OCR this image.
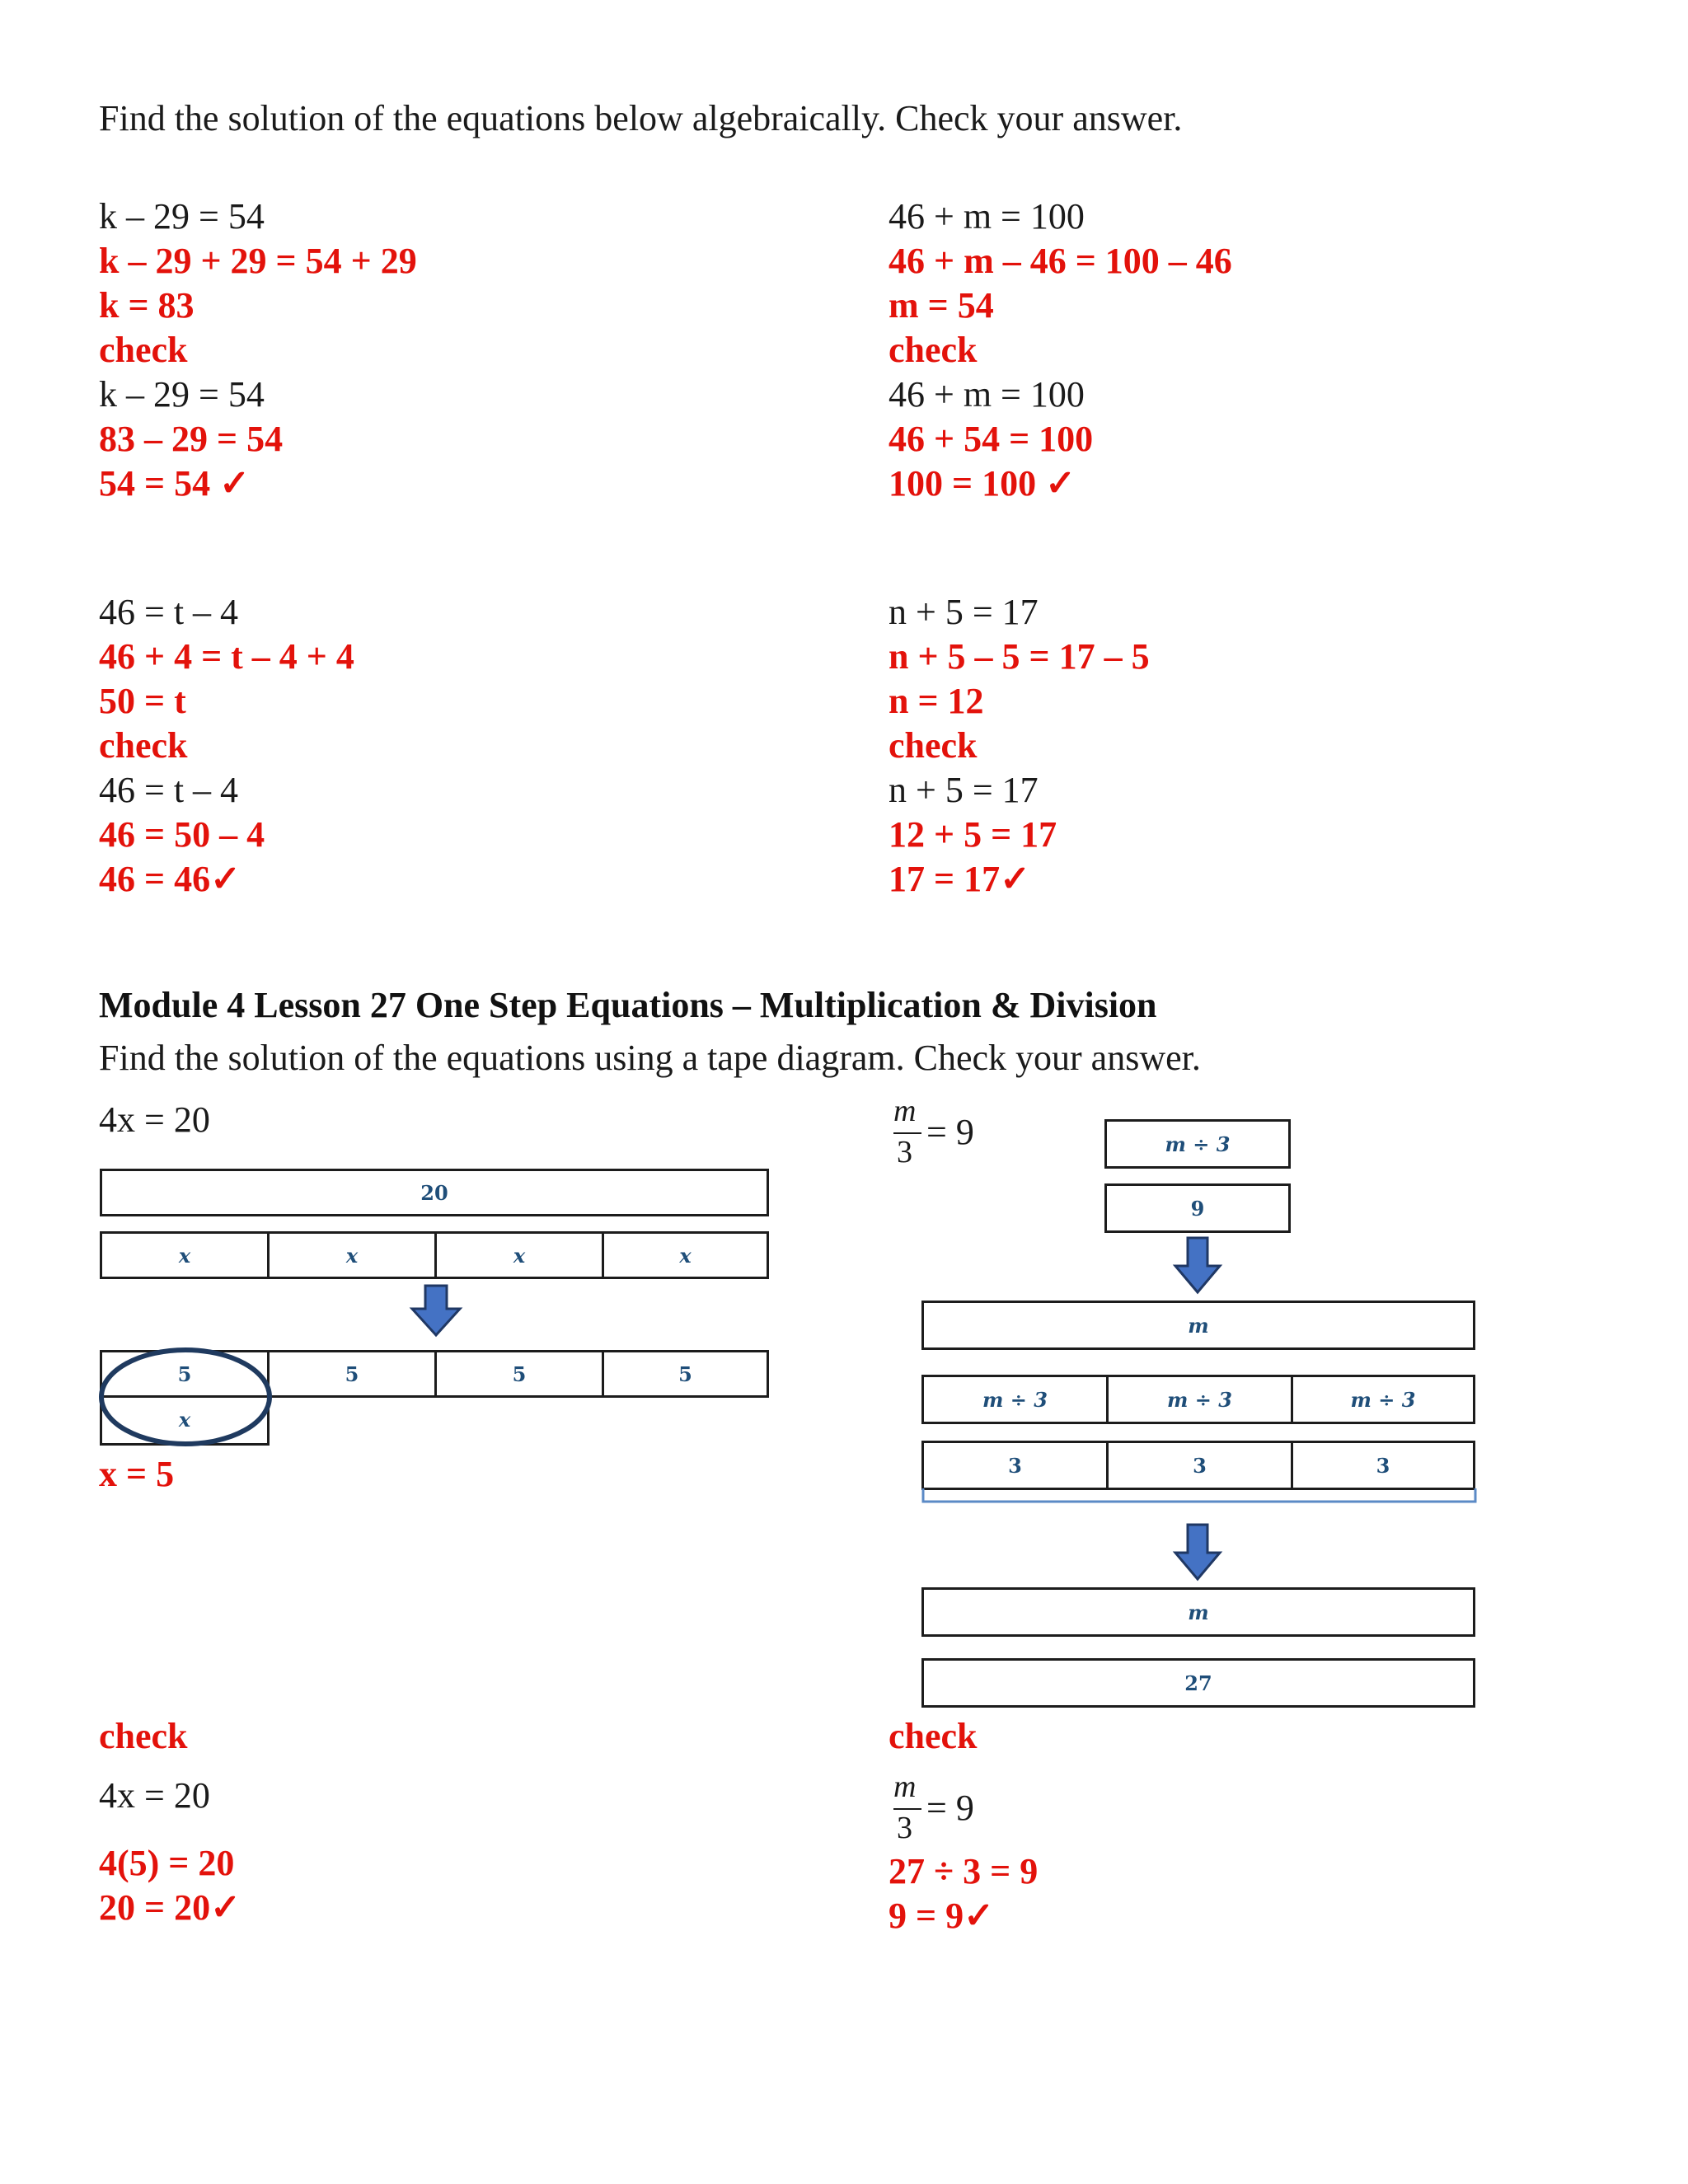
Find the solution of the equations below algebraically. Check your answer.
k – 29 = 54
k – 29 + 29 = 54 + 29
k = 83
check
k – 29 = 54
83 – 29 = 54
54 = 54 ✓
46 + m = 100
46 + m – 46 = 100 – 46
m = 54
check
46 + m = 100
46 + 54 = 100
100 = 100 ✓
46 = t – 4
46 + 4 = t – 4 + 4
50 = t
check
46 = t – 4
46 = 50 – 4
46 = 46✓
n + 5 = 17
n + 5 – 5 = 17 – 5
n = 12
check
n + 5 = 17
12 + 5 = 17
17 = 17✓
Module 4 Lesson 27 One Step Equations – Multiplication & Division
Find the solution of the equations using a tape diagram. Check your answer.
4x = 20
20
x	x	x	x
5	5	5	5
x
x = 5
check
4x = 20
4(5) = 20
20 = 20✓
m
3 = 9	m ÷ 3
9
m
m ÷ 3	m ÷ 3	m ÷ 3
3	3	3
m
27
check
m
3 = 9
27 ÷ 3 = 9
9 = 9✓
